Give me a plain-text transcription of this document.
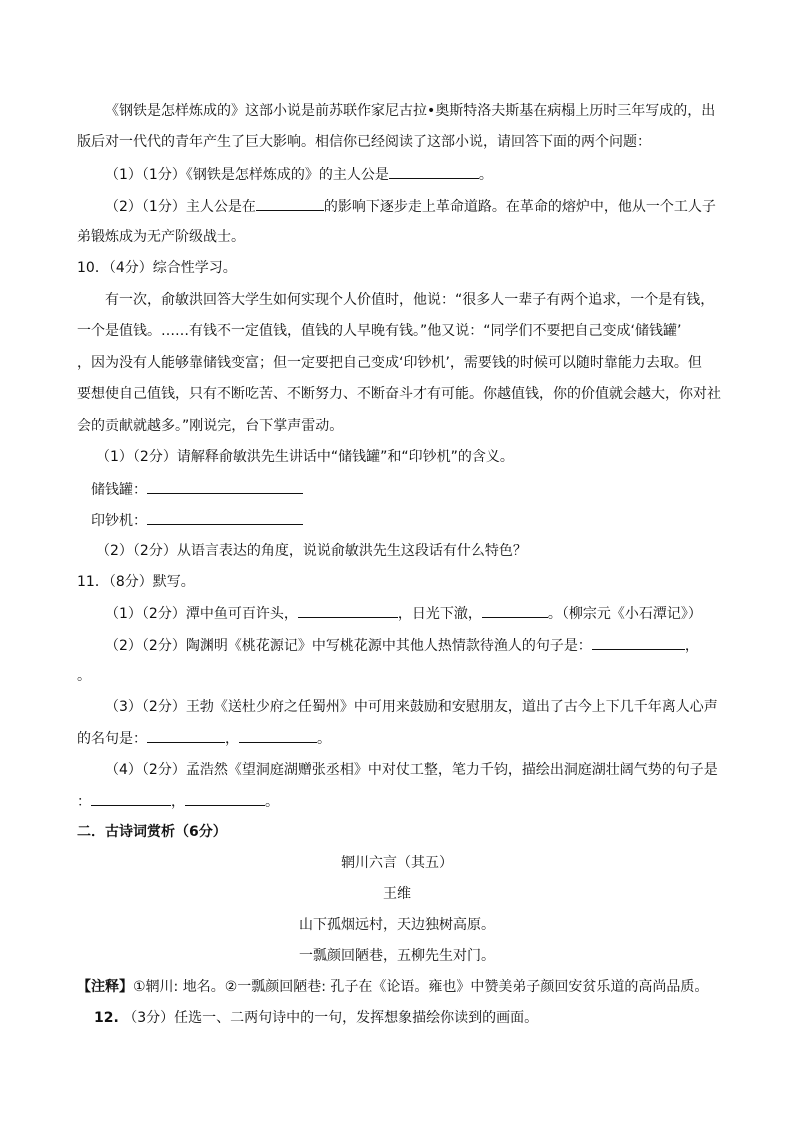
《钢铁是怎样炼成的》这部小说是前苏联作家尼古拉•奥斯特洛夫斯基在病榻上历时三年写成的，出
版后对一代代的青年产生了巨大影响。相信你已经阅读了这部小说，请回答下面的两个问题：
（1）（1分）《钢铁是怎样炼成的》的主人公是	。
（2）（1分）主人公是在	的影响下逐步走上革命道路。在革命的熔炉中，他从一个工人子
弟锻炼成为无产阶级战士。
10．（4分）综合性学习。
有一次，俞敏洪回答大学生如何实现个人价值时，他说：“很多人一辈子有两个追求，一个是有钱，
一个是值钱。……有钱不一定值钱，值钱的人早晚有钱。”他又说：“同学们不要把自己变成‘储钱罐’
，因为没有人能够靠储钱变富；但一定要把自己变成‘印钞机’，需要钱的时候可以随时靠能力去取。但
要想使自己值钱，只有不断吃苦、不断努力、不断奋斗才有可能。你越值钱，你的价值就会越大，你对社
会的贡献就越多。”刚说完，台下掌声雷动。
（1）（2分）请解释俞敏洪先生讲话中“储钱罐”和“印钞机”的含义。
储钱罐：
印钞机：
（2）（2分）从语言表达的角度，说说俞敏洪先生这段话有什么特色？
11．（8分）默写。
（1）（2分）潭中鱼可百许头，	，日光下澈，	。（柳宗元《小石潭记》）
（2）（2分）陶渊明《桃花源记》中写桃花源中其他人热情款待渔人的句子是：	，
。
（3）（2分）王勃《送杜少府之任蜀州》中可用来鼓励和安慰朋友，道出了古今上下几千年离人心声
的名句是：	，	。
（4）（2分）孟浩然《望洞庭湖赠张丞相》中对仗工整，笔力千钧，描绘出洞庭湖壮阔气势的句子是
：	，	。
二．古诗词赏析（6分）
辋川六言（其五）
王维
山下孤烟远村，天边独树高原。
一瓢颜回陋巷，五柳先生对门。
【注释】①辋川: 地名。②一瓢颜回陋巷: 孔子在《论语。雍也》中赞美弟子颜回安贫乐道的高尚品质。
12. （3分）任选一、二两句诗中的一句，发挥想象描绘你读到的画面。
